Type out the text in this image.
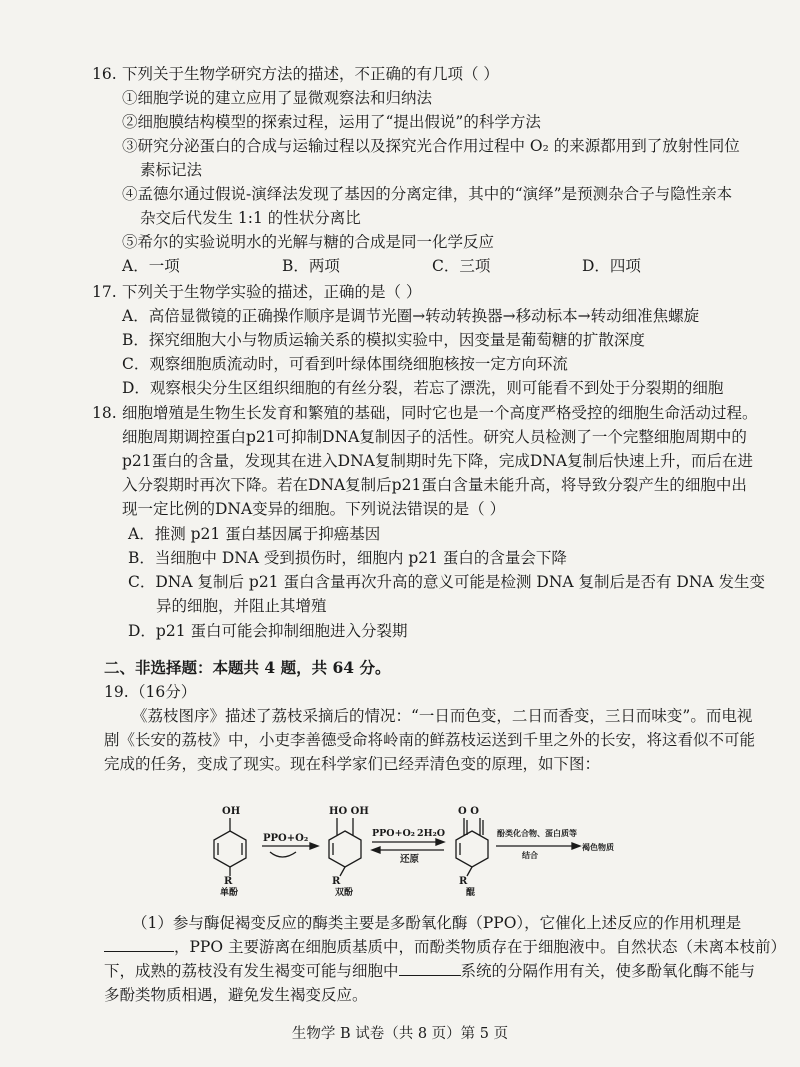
16. 下列关于生物学研究方法的描述，不正确的有几项（ ）
①细胞学说的建立应用了显微观察法和归纳法
②细胞膜结构模型的探索过程，运用了“提出假说”的科学方法
③研究分泌蛋白的合成与运输过程以及探究光合作用过程中 O₂ 的来源都用到了放射性同位
素标记法
④孟德尔通过假说-演绎法发现了基因的分离定律，其中的“演绎”是预测杂合子与隐性亲本
杂交后代发生 1:1 的性状分离比
⑤希尔的实验说明水的光解与糖的合成是同一化学反应
A．一项	B．两项	C．三项	D．四项
17. 下列关于生物学实验的描述，正确的是（ ）
A．高倍显微镜的正确操作顺序是调节光圈→转动转换器→移动标本→转动细准焦螺旋
B．探究细胞大小与物质运输关系的模拟实验中，因变量是葡萄糖的扩散深度
C．观察细胞质流动时，可看到叶绿体围绕细胞核按一定方向环流
D．观察根尖分生区组织细胞的有丝分裂，若忘了漂洗，则可能看不到处于分裂期的细胞
18. 细胞增殖是生物生长发育和繁殖的基础，同时它也是一个高度严格受控的细胞生命活动过程。
细胞周期调控蛋白p21可抑制DNA复制因子的活性。研究人员检测了一个完整细胞周期中的
p21蛋白的含量，发现其在进入DNA复制期时先下降，完成DNA复制后快速上升，而后在进
入分裂期时再次下降。若在DNA复制后p21蛋白含量未能升高，将导致分裂产生的细胞中出
现一定比例的DNA变异的细胞。下列说法错误的是（ ）
A．推测 p21 蛋白基因属于抑癌基因
B．当细胞中 DNA 受到损伤时，细胞内 p21 蛋白的含量会下降
C．DNA 复制后 p21 蛋白含量再次升高的意义可能是检测 DNA 复制后是否有 DNA 发生变
异的细胞，并阻止其增殖
D．p21 蛋白可能会抑制细胞进入分裂期
二、非选择题：本题共 4 题，共 64 分。
19. （16分）
《荔枝图序》描述了荔枝采摘后的情况：“一日而色变，二日而香变，三日而味变”。而电视
剧《长安的荔枝》中，小吏李善德受命将岭南的鲜荔枝运送到千里之外的长安，将这看似不可能
完成的任务，变成了现实。现在科学家们已经弄清色变的原理，如下图：
OH
PPO+O₂
HO OH
PPO+O₂ 2H₂O
还原
O O
酚类化合物、蛋白质等
结合
褐色物质
R	R	R
单酚	双酚	醌
（1）参与酶促褐变反应的酶类主要是多酚氧化酶（PPO），它催化上述反应的作用机理是
，PPO 主要游离在细胞质基质中，而酚类物质存在于细胞液中。自然状态（未离本枝前）
下，成熟的荔枝没有发生褐变可能与细胞中	系统的分隔作用有关，使多酚氧化酶不能与
多酚类物质相遇，避免发生褐变反应。
生物学 B 试卷（共 8 页）第 5 页
